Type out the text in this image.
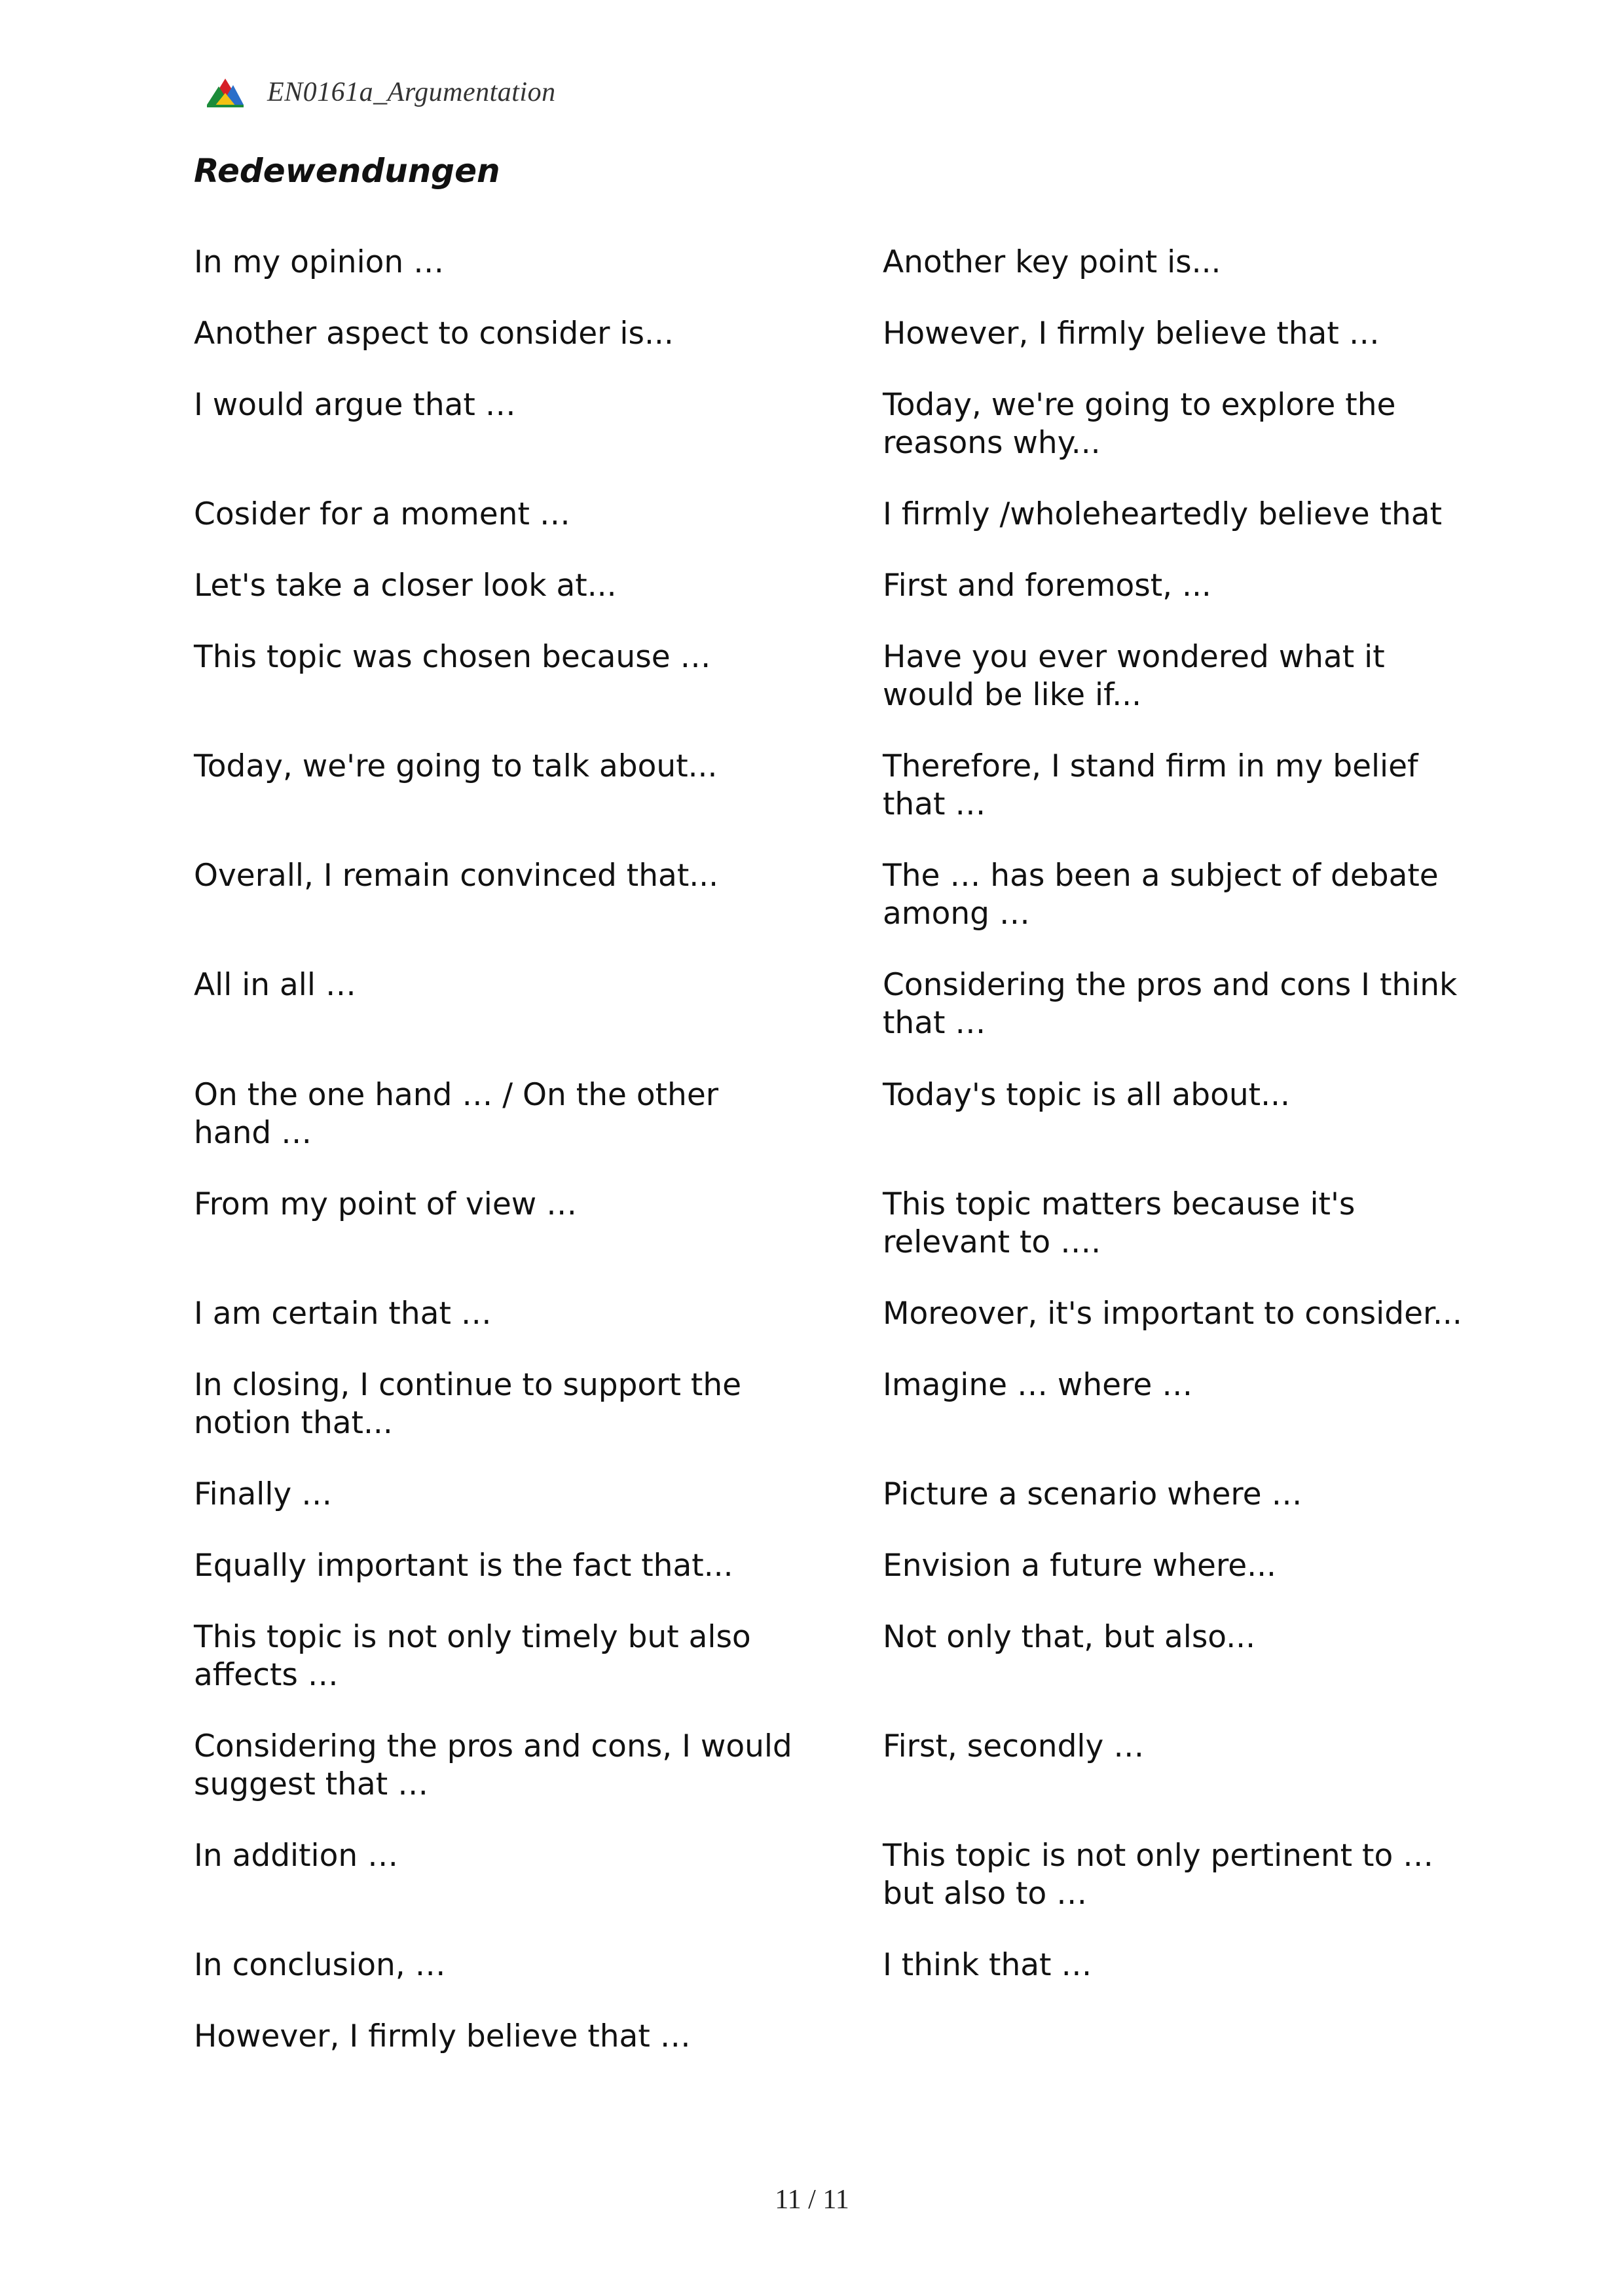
EN0161a_Argumentation
Redewendungen
In my opinion …
Another aspect to consider is...
I would argue that …
Cosider for a moment …
Let's take a closer look at...
This topic was chosen because …
Today, we're going to talk about...
Overall, I remain convinced that...
All in all …
On the one hand … / On the other hand …
From my point of view …
I am certain that …
In closing, I continue to support the notion that...
Finally …
Equally important is the fact that...
This topic is not only timely but also affects …
Considering the pros and cons, I would suggest that …
In addition …
In conclusion, …
However, I firmly believe that …
Another key point is...
However, I firmly believe that …
Today, we're going to explore the reasons why...
I firmly /wholeheartedly believe that
First and foremost, ...
Have you ever wondered what it would be like if...
Therefore, I stand firm in my belief that …
The … has been a subject of debate among …
Considering the pros and cons I think that …
Today's topic is all about...
This topic matters because it's relevant to ….
Moreover, it's important to consider...
Imagine … where …
Picture a scenario where …
Envision a future where...
Not only that, but also...
First, secondly …
This topic is not only pertinent to … but also to …
I think that …
11 / 11
